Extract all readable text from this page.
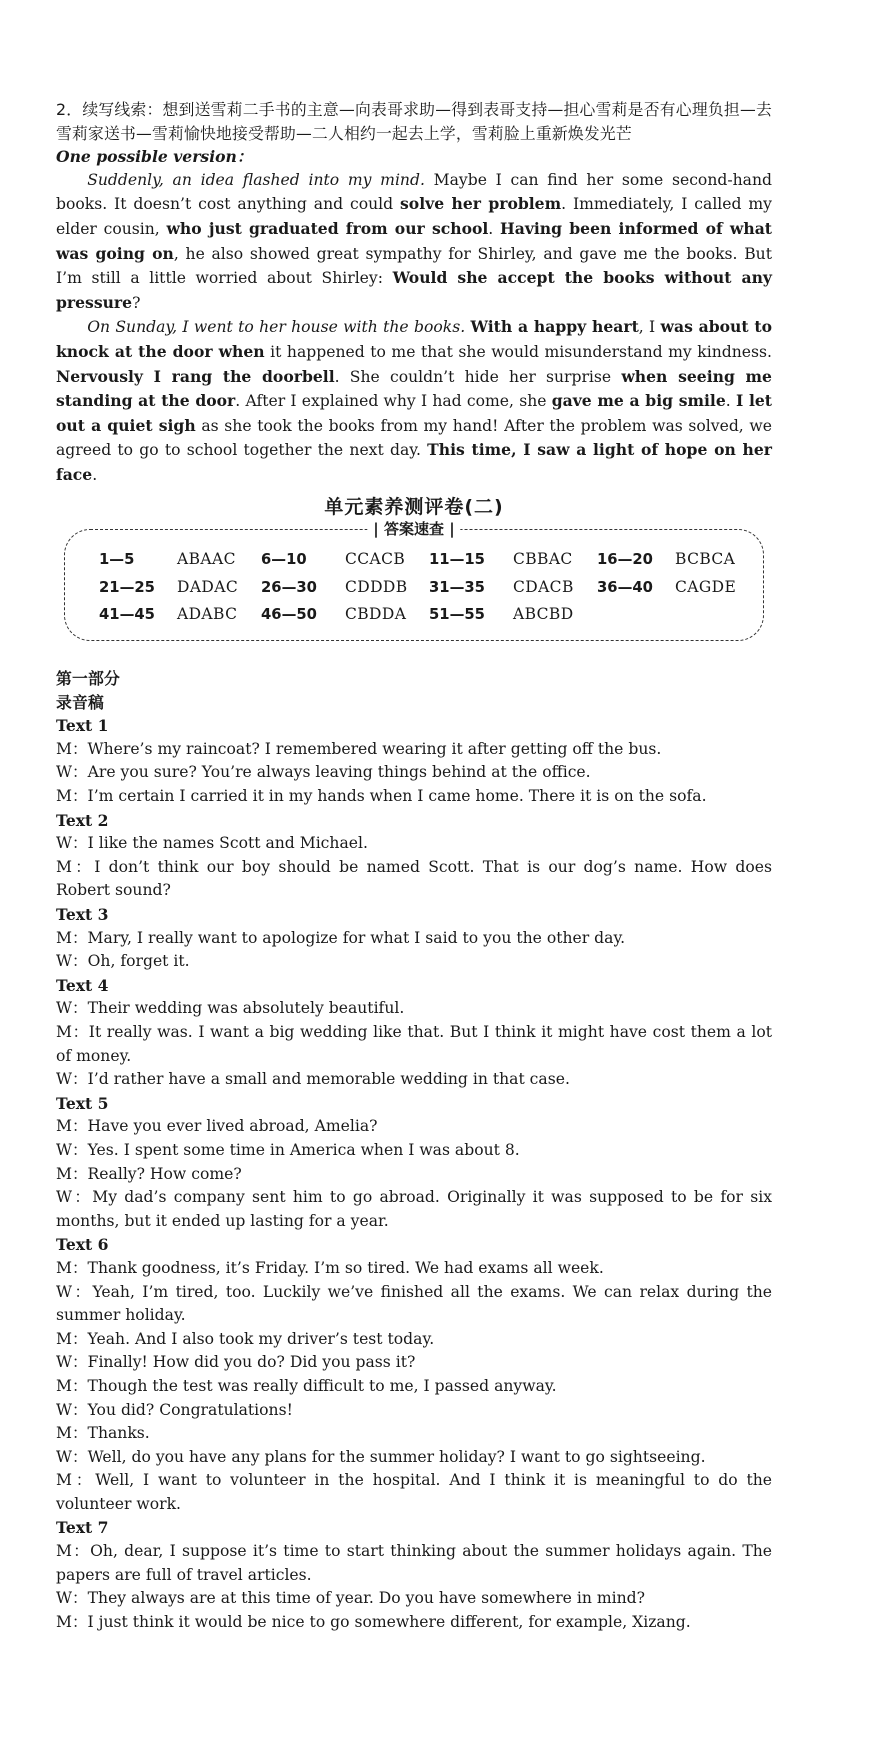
2．续写线索：想到送雪莉二手书的主意—向表哥求助—得到表哥支持—担心雪莉是否有心理负担—去雪莉家送书—雪莉愉快地接受帮助—二人相约一起去上学，雪莉脸上重新焕发光芒

One possible version：

Suddenly, an idea flashed into my mind. Maybe I can find her some second-hand books. It doesn’t cost anything and could solve her problem. Immediately, I called my elder cousin, who just graduated from our school. Having been informed of what was going on, he also showed great sympathy for Shirley, and gave me the books. But I’m still a little worried about Shirley: Would she accept the books without any pressure?

On Sunday, I went to her house with the books. With a happy heart, I was about to knock at the door when it happened to me that she would misunderstand my kindness. Nervously I rang the doorbell. She couldn’t hide her surprise when seeing me standing at the door. After I explained why I had come, she gave me a big smile. I let out a quiet sigh as she took the books from my hand! After the problem was solved, we agreed to go to school together the next day. This time, I saw a light of hope on her face.

单元素养测评卷(二)
| 答案速查 |
1—5	ABAAC	6—10	CCACB	11—15	CBBAC	16—20	BCBCA
21—25	DADAC	26—30	CDDDB	31—35	CDACB	36—40	CAGDE
41—45	ADABC	46—50	CBDDA	51—55	ABCBD

第一部分

录音稿

Text 1

M：Where’s my raincoat? I remembered wearing it after getting off the bus.

W：Are you sure? You’re always leaving things behind at the office.

M：I’m certain I carried it in my hands when I came home. There it is on the sofa.

Text 2

W：I like the names Scott and Michael.

M：I don’t think our boy should be named Scott. That is our dog’s name. How does Robert sound?

Text 3

M：Mary, I really want to apologize for what I said to you the other day.

W：Oh, forget it.

Text 4

W：Their wedding was absolutely beautiful.

M：It really was. I want a big wedding like that. But I think it might have cost them a lot of money.

W：I’d rather have a small and memorable wedding in that case.

Text 5

M：Have you ever lived abroad, Amelia?

W：Yes. I spent some time in America when I was about 8.

M：Really? How come?

W：My dad’s company sent him to go abroad. Originally it was supposed to be for six months, but it ended up lasting for a year.

Text 6

M：Thank goodness, it’s Friday. I’m so tired. We had exams all week.

W：Yeah, I’m tired, too. Luckily we’ve finished all the exams. We can relax during the summer holiday.

M：Yeah. And I also took my driver’s test today.

W：Finally! How did you do? Did you pass it?

M：Though the test was really difficult to me, I passed anyway.

W：You did? Congratulations!

M：Thanks.

W：Well, do you have any plans for the summer holiday? I want to go sightseeing.

M：Well, I want to volunteer in the hospital. And I think it is meaningful to do the volunteer work.

Text 7

M：Oh, dear, I suppose it’s time to start thinking about the summer holidays again. The papers are full of travel articles.

W：They always are at this time of year. Do you have somewhere in mind?

M：I just think it would be nice to go somewhere different, for example, Xizang.
